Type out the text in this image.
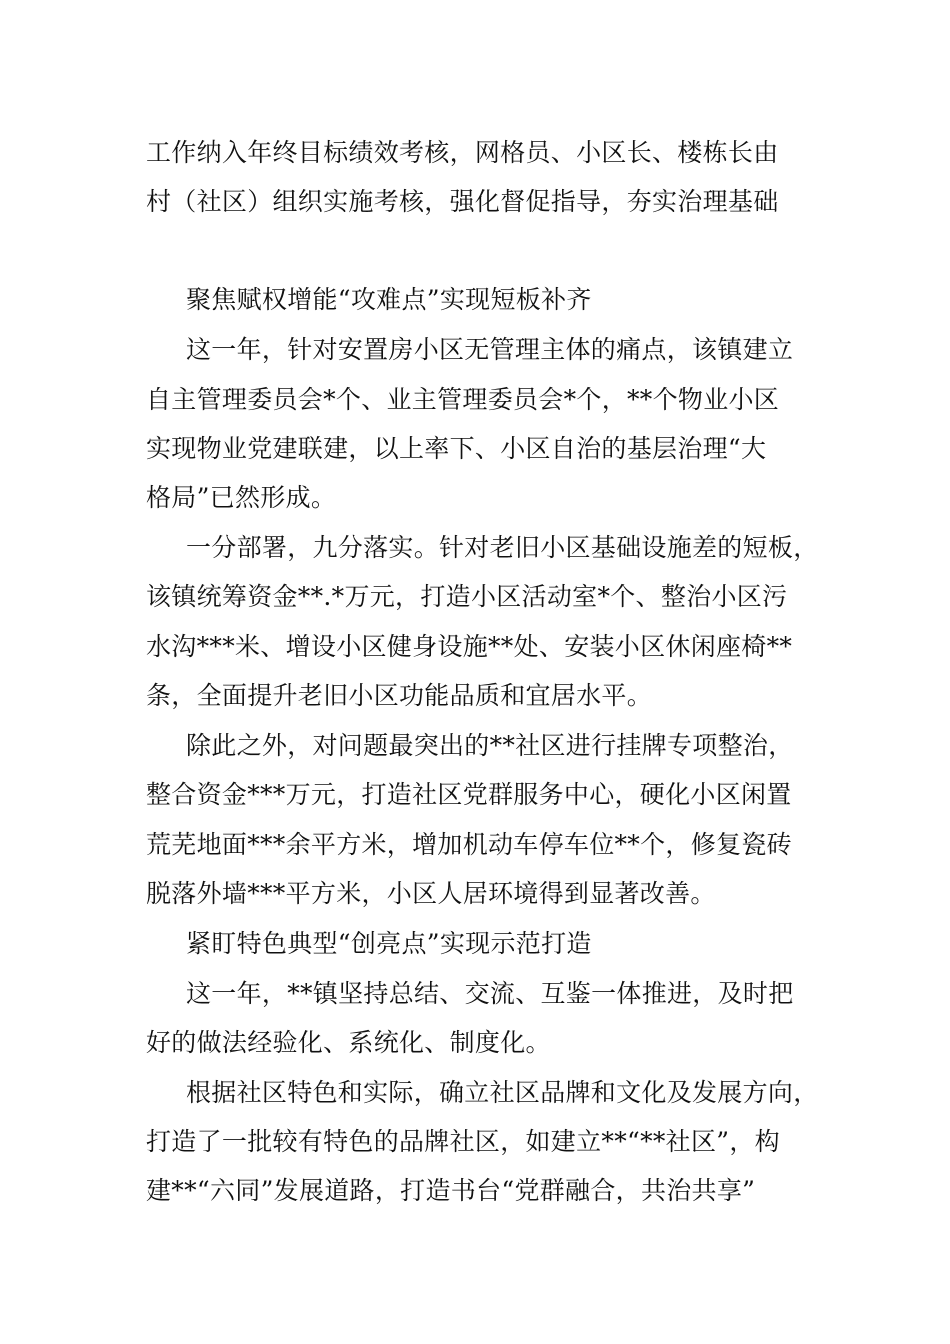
工作纳入年终目标绩效考核，网格员、小区长、楼栋长由
村（社区）组织实施考核，强化督促指导，夯实治理基础
聚焦赋权增能“攻难点”实现短板补齐
这一年，针对安置房小区无管理主体的痛点，该镇建立
自主管理委员会*个、业主管理委员会*个，**个物业小区
实现物业党建联建，以上率下、小区自治的基层治理“大
格局”已然形成。
一分部署，九分落实。针对老旧小区基础设施差的短板，
该镇统筹资金**.*万元，打造小区活动室*个、整治小区污
水沟***米、增设小区健身设施**处、安装小区休闲座椅**
条，全面提升老旧小区功能品质和宜居水平。
除此之外，对问题最突出的**社区进行挂牌专项整治，
整合资金***万元，打造社区党群服务中心，硬化小区闲置
荒芜地面***余平方米，增加机动车停车位**个，修复瓷砖
脱落外墙***平方米，小区人居环境得到显著改善。
紧盯特色典型“创亮点”实现示范打造
这一年，**镇坚持总结、交流、互鉴一体推进，及时把
好的做法经验化、系统化、制度化。
根据社区特色和实际，确立社区品牌和文化及发展方向，
打造了一批较有特色的品牌社区，如建立**“**社区”，构
建**“六同”发展道路，打造书台“党群融合，共治共享”
